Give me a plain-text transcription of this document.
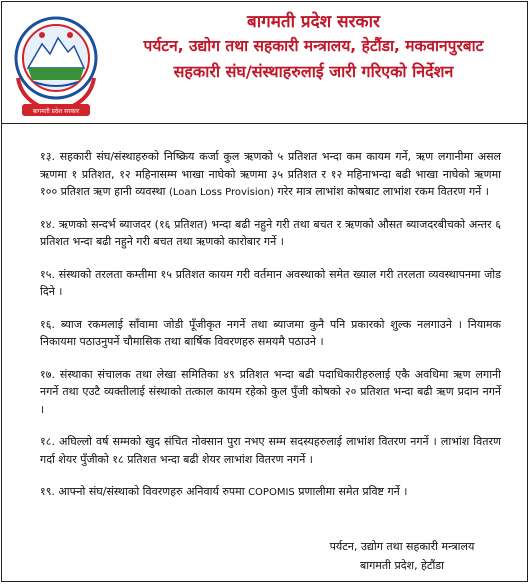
बागमती प्रदेश सरकार
बागमती प्रदेश सरकार
पर्यटन, उद्योग तथा सहकारी मन्त्रालय, हेटौंडा, मकवानपुरबाट
सहकारी संघ/संस्थाहरुलाई जारी गरिएको निर्देशन

१३. सहकारी संघ/संस्थाहरुको निष्क्रिय कर्जा कुल ऋणको ५ प्रतिशत भन्दा कम कायम गर्ने, ऋण लगानीमा असल ऋणमा १ प्रतिशत, १२ महिनासम्म भाखा नाघेको ऋणमा ३५ प्रतिशत र १२ महिनाभन्दा बढी भाखा नाघेको ऋणमा १०० प्रतिशत ऋण हानी व्यवस्था (Loan Loss Provision) गरेर मात्र लाभांश कोषबाट लाभांश रकम वितरण गर्ने ।

१४. ऋणको सन्दर्भ ब्याजदर (१६ प्रतिशत) भन्दा बढी नहुने गरी तथा बचत र ऋणको औसत ब्याजदरबीचको अन्तर ६ प्रतिशत भन्दा बढी नहुने गरी बचत तथा ऋणको कारोबार गर्ने ।

१५. संस्थाको तरलता कम्तीमा १५ प्रतिशत कायम गरी वर्तमान अवस्थाको समेत ख्याल गरी तरलता व्यवस्थापनमा जोड दिने ।

१६. ब्याज रकमलाई साँवामा जोडी पूँजीकृत नगर्ने तथा ब्याजमा कुनै पनि प्रकारको शुल्क नलगाउने । नियामक निकायमा पठाउनुपर्ने चौमासिक तथा बार्षिक विवरणहरु समयमै पठाउने ।

१७. संस्थाका संचालक तथा लेखा समितिका ४९ प्रतिशत भन्दा बढी पदाधिकारीहरुलाई एकै अवधिमा ऋण लगानी नगर्ने तथा एउटै व्यक्तीलाई संस्थाको तत्काल कायम रहेको कुल पुँजी कोषको २० प्रतिशत भन्दा बढी ऋण प्रदान नगर्ने ।

१८. अघिल्लो वर्ष सम्मको खुद संचित नोक्सान पुरा नभए सम्म सदस्यहरुलाई लाभांश वितरण नगर्ने । लाभांश वितरण गर्दा शेयर पुँजीको १८ प्रतिशत भन्दा बढी शेयर लाभांश वितरण नगर्ने ।

१९. आफ्नो संघ/संस्थाको विवरणहरु अनिवार्य रुपमा COPOMIS प्रणालीमा समेत प्रविष्ट गर्ने ।

पर्यटन, उद्योग तथा सहकारी मन्त्रालय
बागमती प्रदेश, हेटौंडा
